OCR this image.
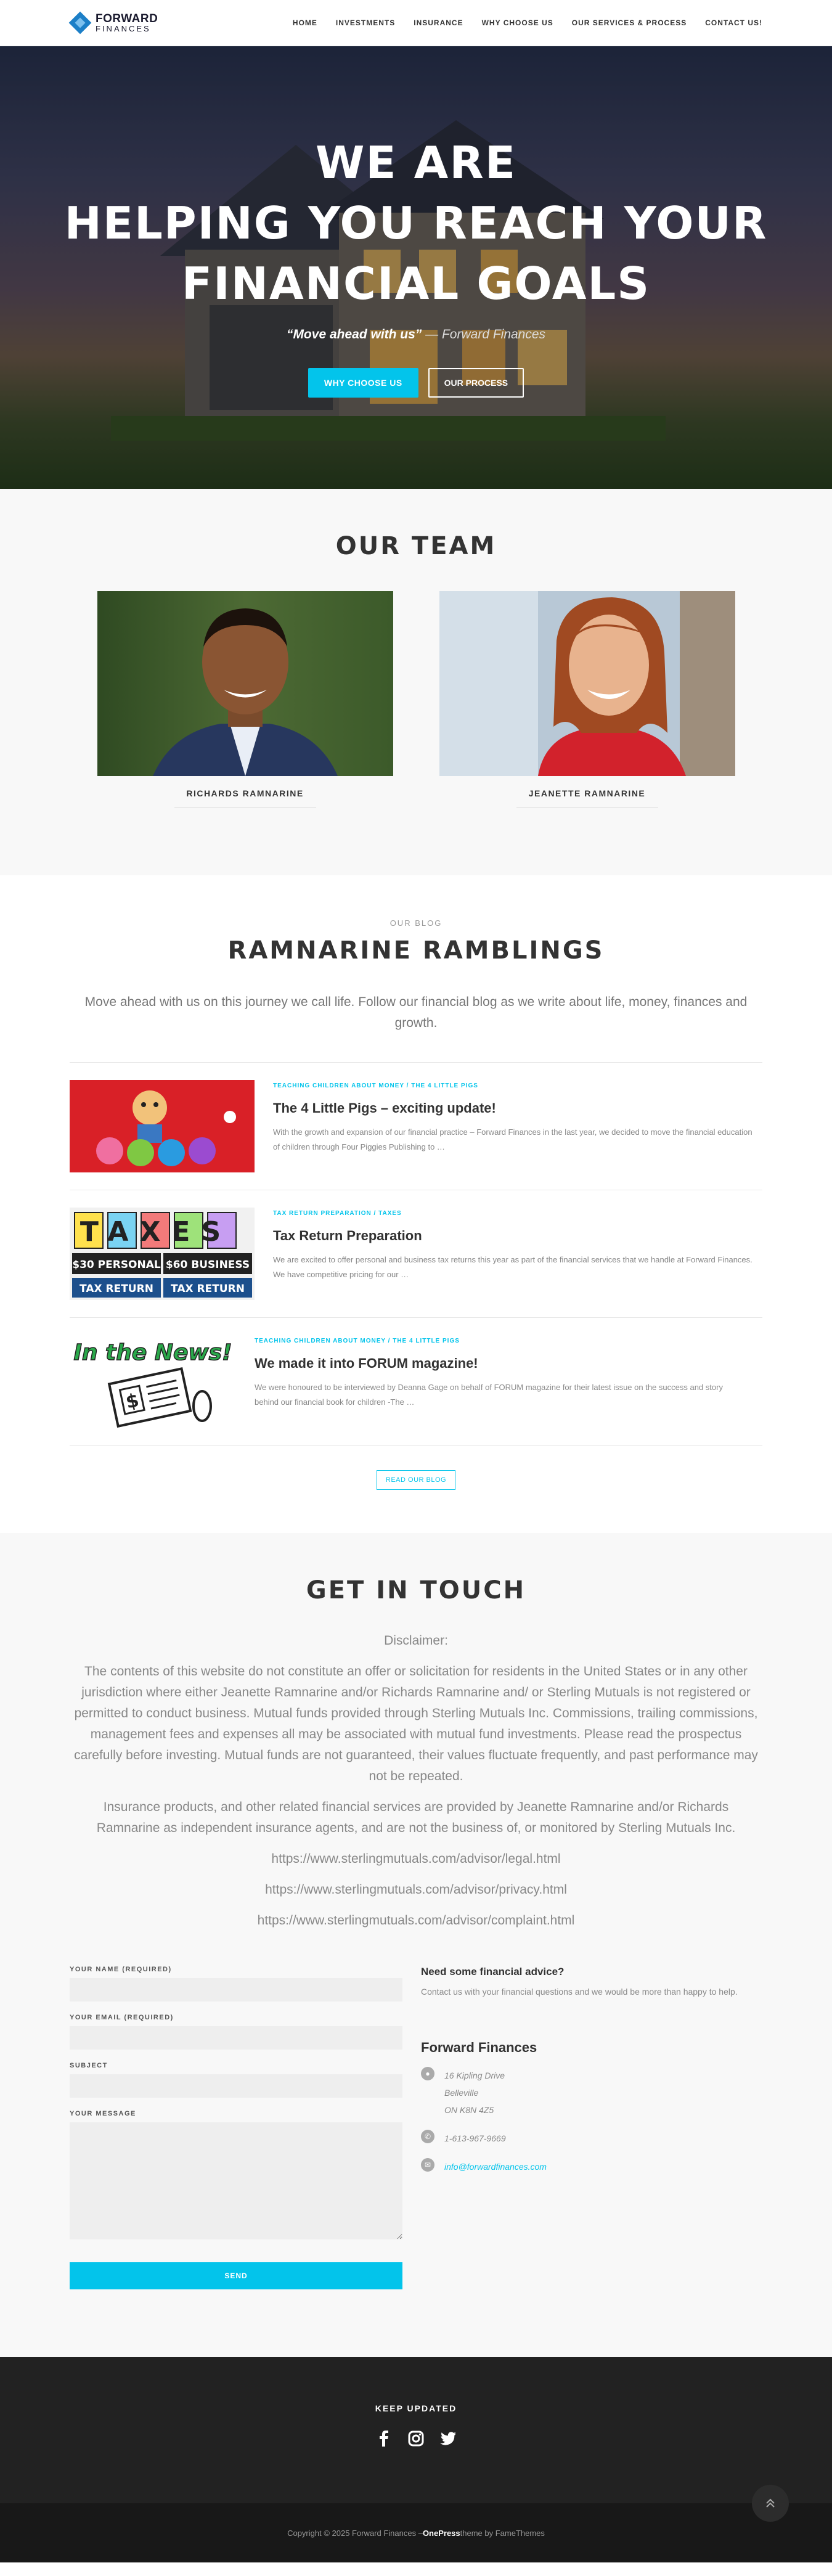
FORWARD
FINANCES
HOME	INVESTMENTS	INSURANCE	WHY CHOOSE US	OUR SERVICES & PROCESS	CONTACT US!
WE ARE
HELPING YOU REACH YOUR
FINANCIAL GOALS
“Move ahead with us” — Forward Finances
WHY CHOOSE US	OUR PROCESS
OUR TEAM
RICHARDS RAMNARINE	JEANETTE RAMNARINE
OUR BLOG
RAMNARINE RAMBLINGS

Move ahead with us on this journey we call life. Follow our financial blog as we write about life, money, finances and growth.

TEACHING CHILDREN ABOUT MONEY / THE 4 LITTLE PIGS
The 4 Little Pigs – exciting update!

With the growth and expansion of our financial practice – Forward Finances in the last year, we decided to move the financial education of children through Four Piggies Publishing to …

TAXES
$30 PERSONAL $60 BUSINESS
TAX RETURN TAX RETURN
TAX RETURN PREPARATION / TAXES
Tax Return Preparation

We are excited to offer personal and business tax returns this year as part of the financial services that we handle at Forward Finances. We have competitive pricing for our …

In the News!
$
TEACHING CHILDREN ABOUT MONEY / THE 4 LITTLE PIGS
We made it into FORUM magazine!

We were honoured to be interviewed by Deanna Gage on behalf of FORUM magazine for their latest issue on the success and story behind our financial book for children -The …

READ OUR BLOG
GET IN TOUCH

Disclaimer:

The contents of this website do not constitute an offer or solicitation for residents in the United States or in any other jurisdiction where either Jeanette Ramnarine and/or Richards Ramnarine and/ or Sterling Mutuals is not registered or permitted to conduct business. Mutual funds provided through Sterling Mutuals Inc. Commissions, trailing commissions, management fees and expenses all may be associated with mutual fund investments. Please read the prospectus carefully before investing. Mutual funds are not guaranteed, their values fluctuate frequently, and past performance may not be repeated.

Insurance products, and other related financial services are provided by Jeanette Ramnarine and/or Richards Ramnarine as independent insurance agents, and are not the business of, or monitored by Sterling Mutuals Inc.

https://www.sterlingmutuals.com/advisor/legal.html

https://www.sterlingmutuals.com/advisor/privacy.html

https://www.sterlingmutuals.com/advisor/complaint.html

YOUR NAME (REQUIRED)
YOUR EMAIL (REQUIRED)
SUBJECT
YOUR MESSAGE
SEND
Need some financial advice?

Contact us with your financial questions and we would be more than happy to help.

Forward Finances
●	16 Kipling Drive
Belleville
ON K8N 4Z5
✆	1-613-967-9669
✉	info@forwardfinances.com
KEEP UPDATED
Copyright © 2025 Forward Finances – OnePress theme by FameThemes
